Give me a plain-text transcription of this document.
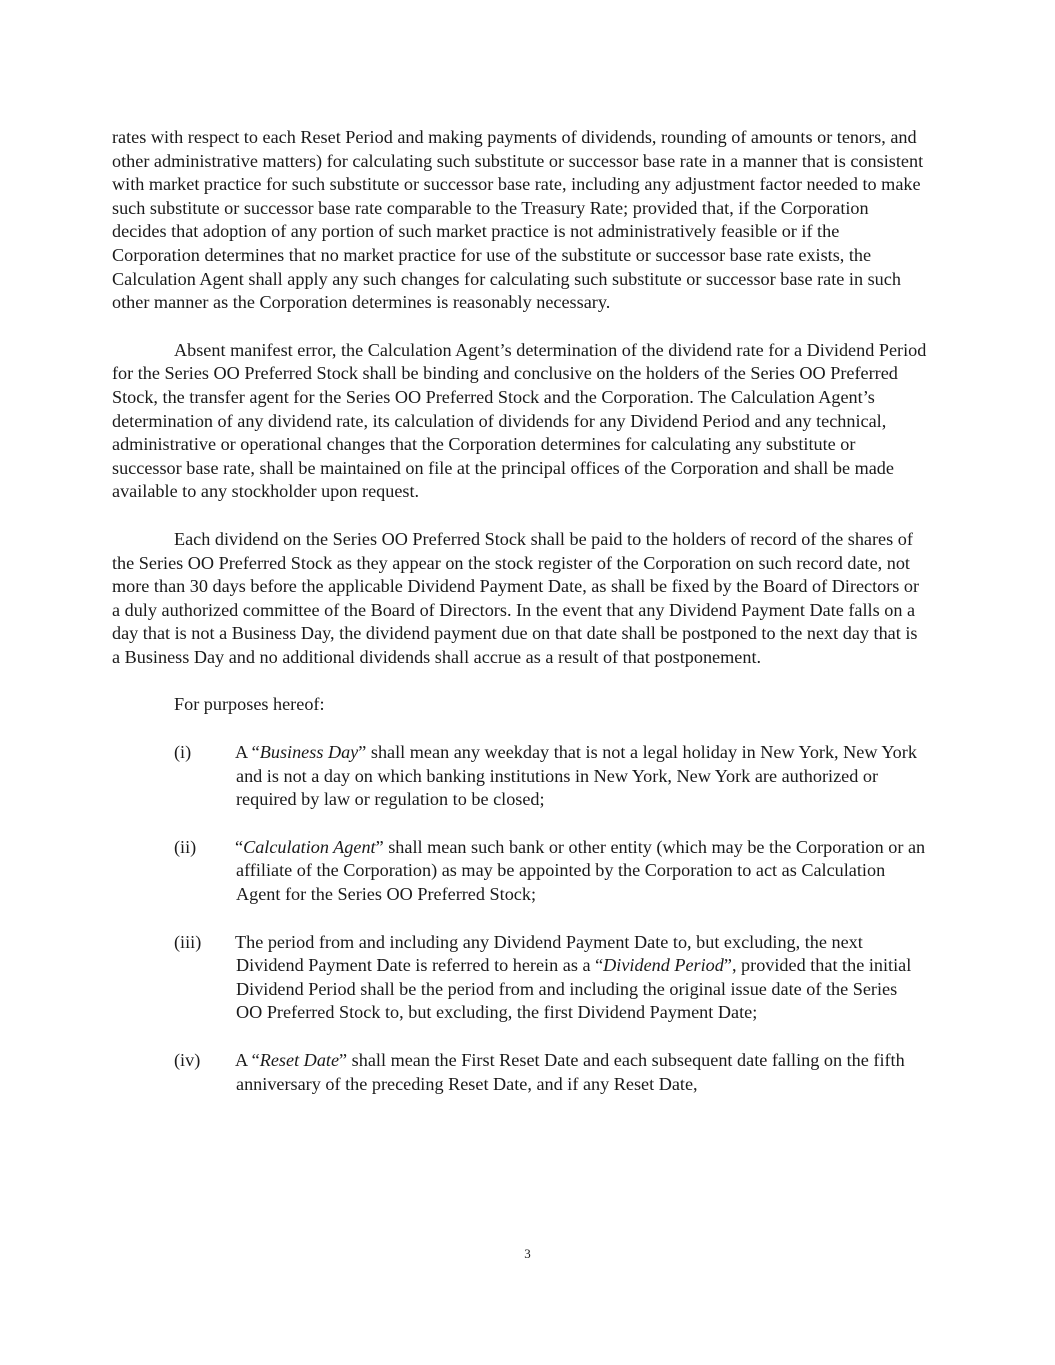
rates with respect to each Reset Period and making payments of dividends, rounding of amounts or tenors, and other administrative matters) for calculating such substitute or successor base rate in a manner that is consistent with market practice for such substitute or successor base rate, including any adjustment factor needed to make such substitute or successor base rate comparable to the Treasury Rate; provided that, if the Corporation decides that adoption of any portion of such market practice is not administratively feasible or if the Corporation determines that no market practice for use of the substitute or successor base rate exists, the Calculation Agent shall apply any such changes for calculating such substitute or successor base rate in such other manner as the Corporation determines is reasonably necessary.

Absent manifest error, the Calculation Agent’s determination of the dividend rate for a Dividend Period for the Series OO Preferred Stock shall be binding and conclusive on the holders of the Series OO Preferred Stock, the transfer agent for the Series OO Preferred Stock and the Corporation. The Calculation Agent’s determination of any dividend rate, its calculation of dividends for any Dividend Period and any technical, administrative or operational changes that the Corporation determines for calculating any substitute or successor base rate, shall be maintained on file at the principal offices of the Corporation and shall be made available to any stockholder upon request.

Each dividend on the Series OO Preferred Stock shall be paid to the holders of record of the shares of the Series OO Preferred Stock as they appear on the stock register of the Corporation on such record date, not more than 30 days before the applicable Dividend Payment Date, as shall be fixed by the Board of Directors or a duly authorized committee of the Board of Directors. In the event that any Dividend Payment Date falls on a day that is not a Business Day, the dividend payment due on that date shall be postponed to the next day that is a Business Day and no additional dividends shall accrue as a result of that postponement.

For purposes hereof:

(i) A “Business Day” shall mean any weekday that is not a legal holiday in New York, New York and is not a day on which banking institutions in New York, New York are authorized or required by law or regulation to be closed;

(ii) “Calculation Agent” shall mean such bank or other entity (which may be the Corporation or an affiliate of the Corporation) as may be appointed by the Corporation to act as Calculation Agent for the Series OO Preferred Stock;

(iii) The period from and including any Dividend Payment Date to, but excluding, the next Dividend Payment Date is referred to herein as a “Dividend Period”, provided that the initial Dividend Period shall be the period from and including the original issue date of the Series OO Preferred Stock to, but excluding, the first Dividend Payment Date;

(iv) A “Reset Date” shall mean the First Reset Date and each subsequent date falling on the fifth anniversary of the preceding Reset Date, and if any Reset Date,

3
